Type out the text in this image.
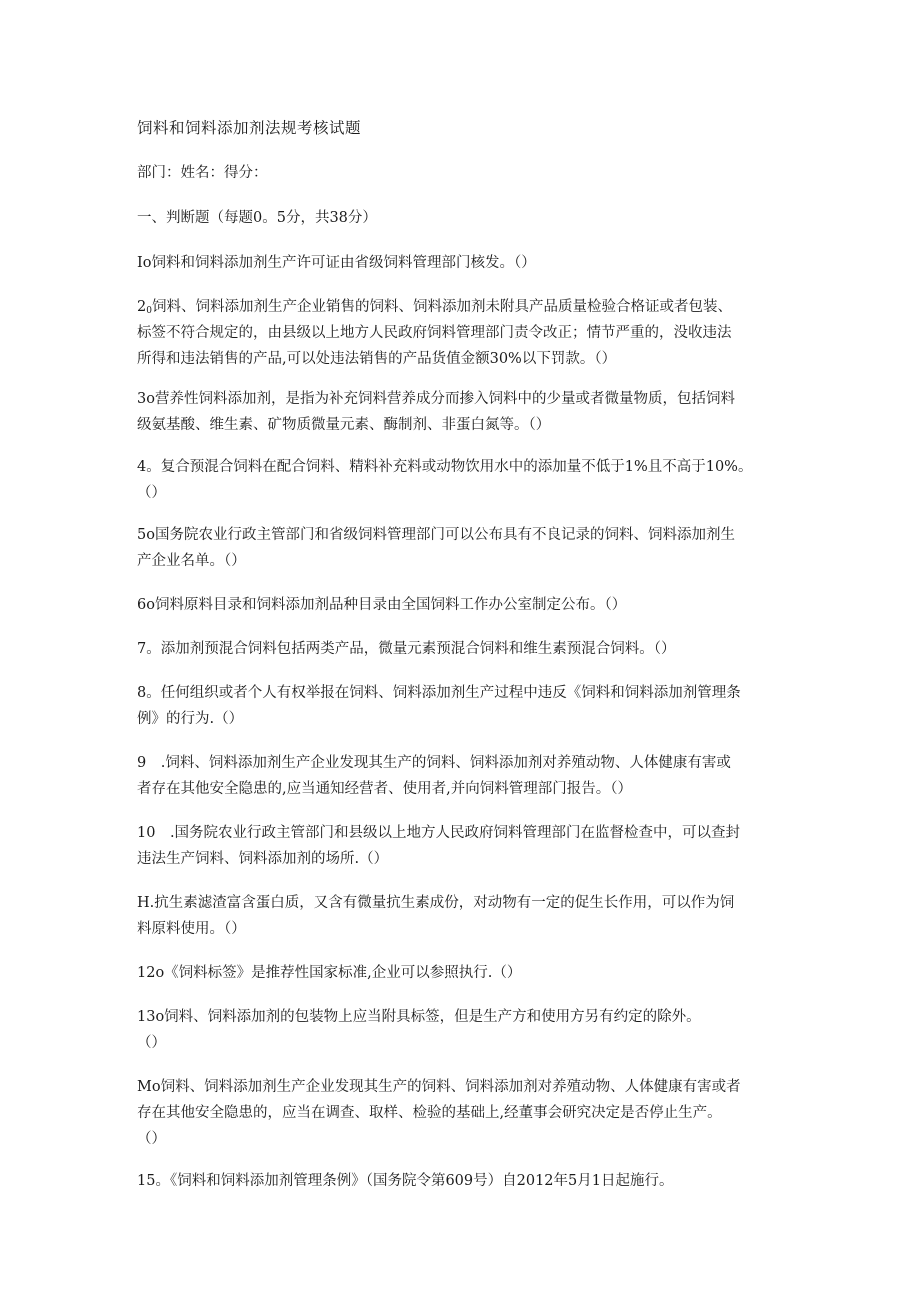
饲料和饲料添加剂法规考核试题
部门：姓名：得分：
一、判断题（每题0。5分，共38分）
Io饲料和饲料添加剂生产许可证由省级饲料管理部门核发。（）
$2_0$饲料、饲料添加剂生产企业销售的饲料、饲料添加剂未附具产品质量检验合格证或者包装、
标签不符合规定的，由县级以上地方人民政府饲料管理部门责令改正；情节严重的，没收违法
所得和违法销售的产品,可以处违法销售的产品货值金额30%以下罚款。（）
3o营养性饲料添加剂，是指为补充饲料营养成分而掺入饲料中的少量或者微量物质，包括饲料
级氨基酸、维生素、矿物质微量元素、酶制剂、非蛋白氮等。（）
4。复合预混合饲料在配合饲料、精料补充料或动物饮用水中的添加量不低于1%且不高于10%。
（）
5o国务院农业行政主管部门和省级饲料管理部门可以公布具有不良记录的饲料、饲料添加剂生
产企业名单。（）
6o饲料原料目录和饲料添加剂品种目录由全国饲料工作办公室制定公布。（）
7。添加剂预混合饲料包括两类产品，微量元素预混合饲料和维生素预混合饲料。（）
8。任何组织或者个人有权举报在饲料、饲料添加剂生产过程中违反《饲料和饲料添加剂管理条
例》的行为.（）
9　.饲料、饲料添加剂生产企业发现其生产的饲料、饲料添加剂对养殖动物、人体健康有害或
者存在其他安全隐患的,应当通知经营者、使用者,并向饲料管理部门报告。（）
10　.国务院农业行政主管部门和县级以上地方人民政府饲料管理部门在监督检查中，可以查封
违法生产饲料、饲料添加剂的场所.（）
H.抗生素滤渣富含蛋白质，又含有微量抗生素成份，对动物有一定的促生长作用，可以作为饲
料原料使用。（）
12o《饲料标签》是推荐性国家标准,企业可以参照执行.（）
13o饲料、饲料添加剂的包装物上应当附具标签，但是生产方和使用方另有约定的除外。
（）
Mo饲料、饲料添加剂生产企业发现其生产的饲料、饲料添加剂对养殖动物、人体健康有害或者
存在其他安全隐患的，应当在调查、取样、检验的基础上,经董事会研究决定是否停止生产。
（）
15。《饲料和饲料添加剂管理条例》（国务院令第609号）自2012年5月1日起施行。
